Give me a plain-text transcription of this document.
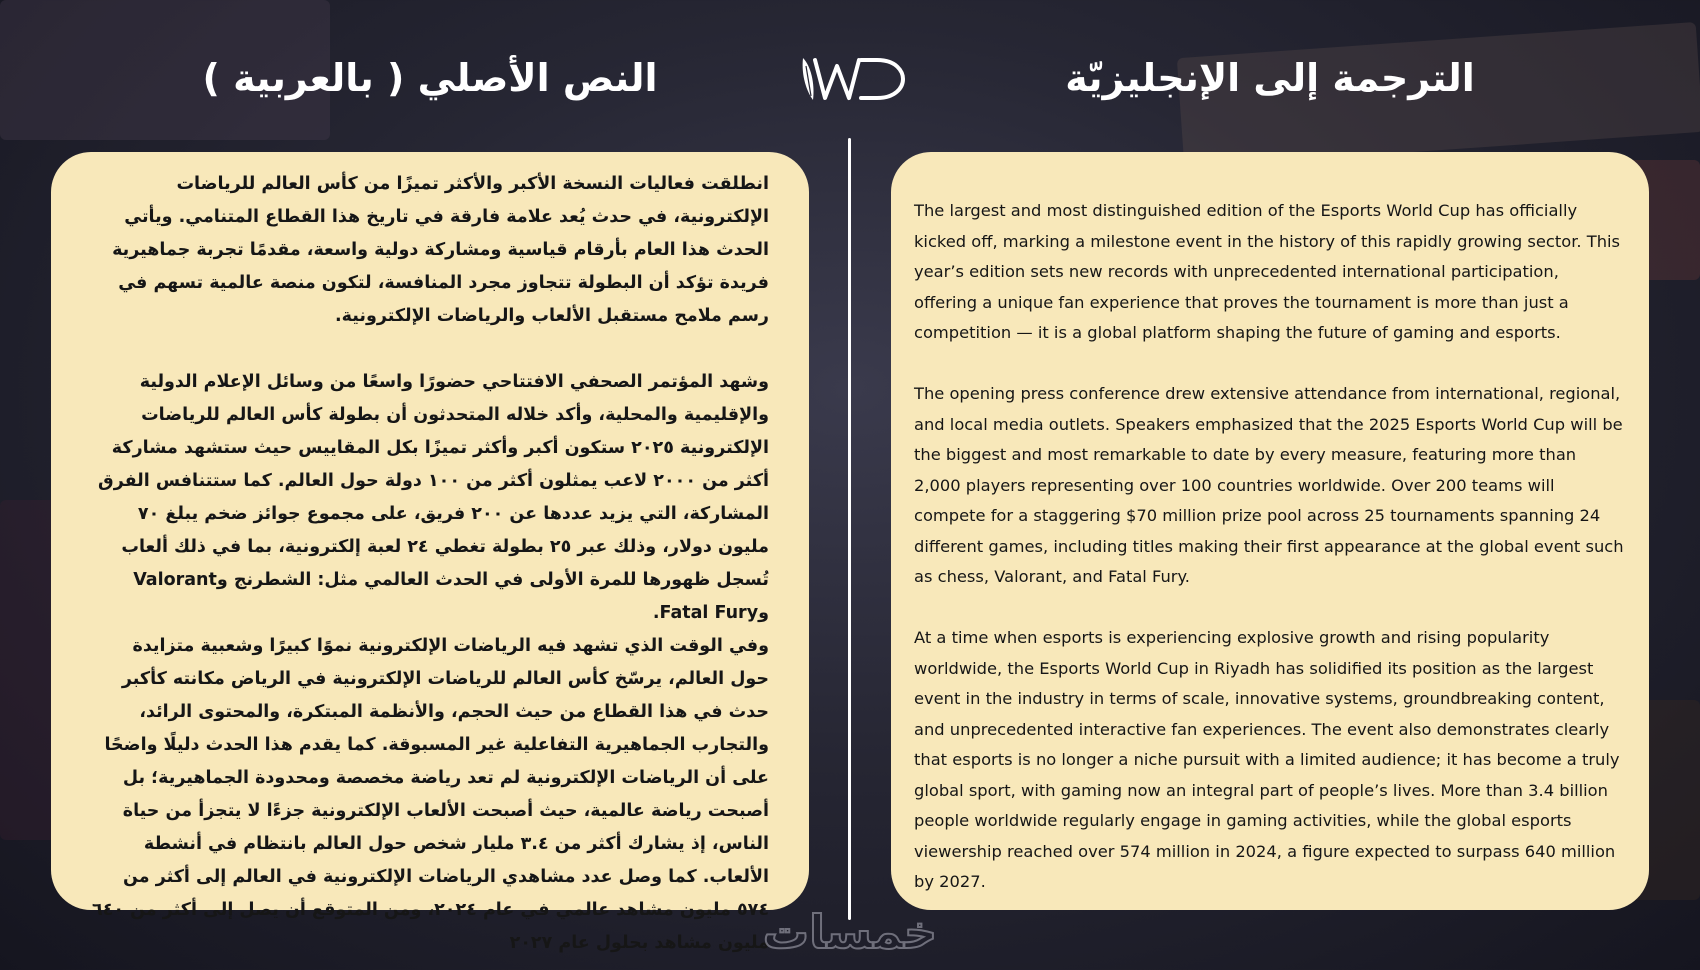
النص الأصلي ( بالعربية )	الترجمة إلى الإنجليزيّة

انطلقت فعاليات النسخة الأكبر والأكثر تميزًا من كأس العالم للرياضات الإلكترونية، في حدث يُعد علامة فارقة في تاريخ هذا القطاع المتنامي. ويأتي الحدث هذا العام بأرقام قياسية ومشاركة دولية واسعة، مقدمًا تجربة جماهيرية فريدة تؤكد أن البطولة تتجاوز مجرد المنافسة، لتكون منصة عالمية تسهم في رسم ملامح مستقبل الألعاب والرياضات الإلكترونية.

وشهد المؤتمر الصحفي الافتتاحي حضورًا واسعًا من وسائل الإعلام الدولية والإقليمية والمحلية، وأكد خلاله المتحدثون أن بطولة كأس العالم للرياضات الإلكترونية ٢٠٢٥ ستكون أكبر وأكثر تميزًا بكل المقاييس حيث ستشهد مشاركة أكثر من ٢٠٠٠ لاعب يمثلون أكثر من ١٠٠ دولة حول العالم. كما ستتنافس الفرق المشاركة، التي يزيد عددها عن ٢٠٠ فريق، على مجموع جوائز ضخم يبلغ ٧٠ مليون دولار، وذلك عبر ٢٥ بطولة تغطي ٢٤ لعبة إلكترونية، بما في ذلك ألعاب تُسجل ظهورها للمرة الأولى في الحدث العالمي مثل: الشطرنج وValorant وFatal Fury.

وفي الوقت الذي تشهد فيه الرياضات الإلكترونية نموًا كبيرًا وشعبية متزايدة حول العالم، يرسّخ كأس العالم للرياضات الإلكترونية في الرياض مكانته كأكبر حدث في هذا القطاع من حيث الحجم، والأنظمة المبتكرة، والمحتوى الرائد، والتجارب الجماهيرية التفاعلية غير المسبوقة. كما يقدم هذا الحدث دليلًا واضحًا على أن الرياضات الإلكترونية لم تعد رياضة مخصصة ومحدودة الجماهيرية؛ بل أصبحت رياضة عالمية، حيث أصبحت الألعاب الإلكترونية جزءًا لا يتجزأ من حياة الناس، إذ يشارك أكثر من ٣.٤ مليار شخص حول العالم بانتظام في أنشطة الألعاب. كما وصل عدد مشاهدي الرياضات الإلكترونية في العالم إلى أكثر من ٥٧٤ مليون مشاهد عالمي في عام ٢٠٢٤، ومن المتوقع أن يصل إلى أكثر من ٦٤٠ مليون مشاهد بحلول عام ٢٠٢٧

The largest and most distinguished edition of the Esports World Cup has officially kicked off, marking a milestone event in the history of this rapidly growing sector. This year’s edition sets new records with unprecedented international participation, offering a unique fan experience that proves the tournament is more than just a competition — it is a global platform shaping the future of gaming and esports.

The opening press conference drew extensive attendance from international, regional, and local media outlets. Speakers emphasized that the 2025 Esports World Cup will be the biggest and most remarkable to date by every measure, featuring more than 2,000 players representing over 100 countries worldwide. Over 200 teams will compete for a staggering $70 million prize pool across 25 tournaments spanning 24 different games, including titles making their first appearance at the global event such as chess, Valorant, and Fatal Fury.

At a time when esports is experiencing explosive growth and rising popularity worldwide, the Esports World Cup in Riyadh has solidified its position as the largest event in the industry in terms of scale, innovative systems, groundbreaking content, and unprecedented interactive fan experiences. The event also demonstrates clearly that esports is no longer a niche pursuit with a limited audience; it has become a truly global sport, with gaming now an integral part of people’s lives. More than 3.4 billion people worldwide regularly engage in gaming activities, while the global esports viewership reached over 574 million in 2024, a figure expected to surpass 640 million by 2027.

خمسات
